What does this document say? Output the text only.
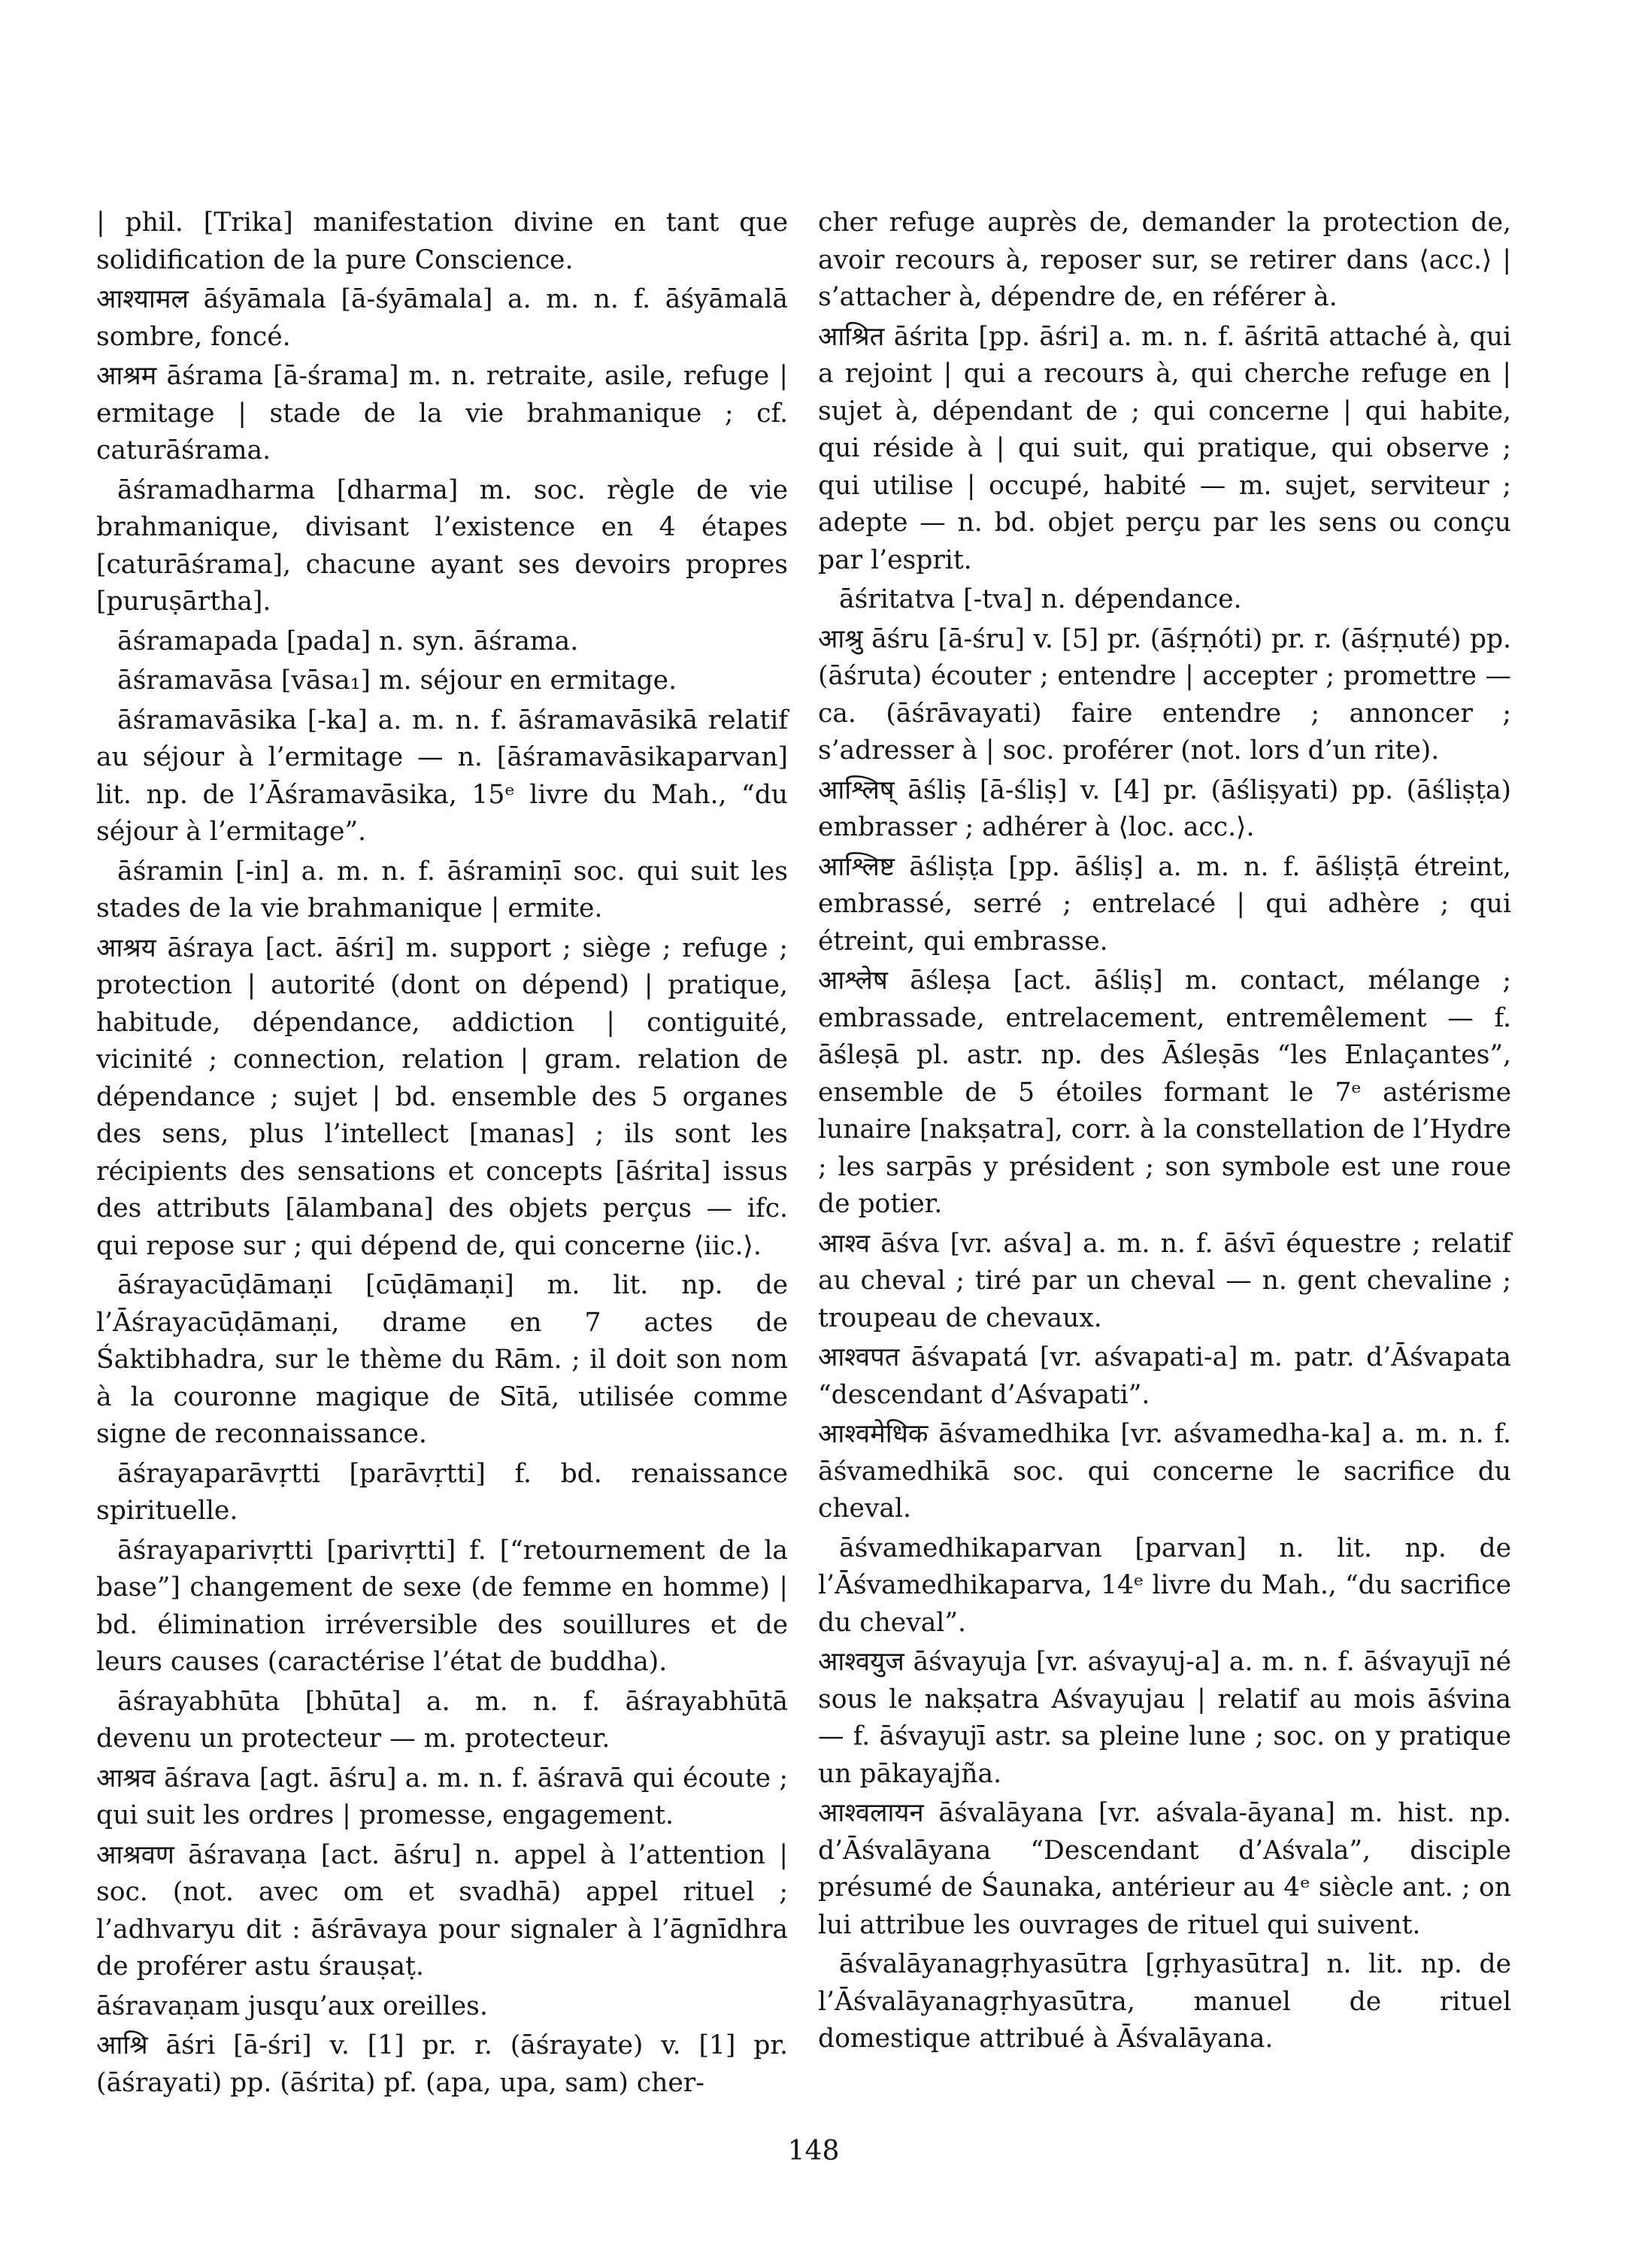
| phil. [Trika] manifestation divine en tant que solidification de la pure Conscience.

आश्यामल āśyāmala [ā-śyāmala] a. m. n. f. āśyāmalā sombre, foncé.

आश्रम āśrama [ā-śrama] m. n. retraite, asile, refuge | ermitage | stade de la vie brahmanique ; cf. caturāśrama.

āśramadharma [dharma] m. soc. règle de vie brahmanique, divisant l’existence en 4 étapes [caturāśrama], chacune ayant ses devoirs propres [puruṣārtha].

āśramapada [pada] n. syn. āśrama.

āśramavāsa [vāsa₁] m. séjour en ermitage.

āśramavāsika [-ka] a. m. n. f. āśramavāsikā relatif au séjour à l’ermitage — n. [āśramavāsikaparvan] lit. np. de l’Āśramavāsika, 15ᵉ livre du Mah., “du séjour à l’ermitage”.

āśramin [-in] a. m. n. f. āśramiṇī soc. qui suit les stades de la vie brahmanique | ermite.

आश्रय āśraya [act. āśri] m. support ; siège ; refuge ; protection | autorité (dont on dépend) | pratique, habitude, dépendance, addiction | contiguité, vicinité ; connection, relation | gram. relation de dépendance ; sujet | bd. ensemble des 5 organes des sens, plus l’intellect [manas] ; ils sont les récipients des sensations et concepts [āśrita] issus des attributs [ālambana] des objets perçus — ifc. qui repose sur ; qui dépend de, qui concerne ⟨iic.⟩.

āśrayacūḍāmaṇi [cūḍāmaṇi] m. lit. np. de l’Āśrayacūḍāmaṇi, drame en 7 actes de Śaktibhadra, sur le thème du Rām. ; il doit son nom à la couronne magique de Sītā, utilisée comme signe de reconnaissance.

āśrayaparāvṛtti [parāvṛtti] f. bd. renaissance spirituelle.

āśrayaparivṛtti [parivṛtti] f. [“retournement de la base”] changement de sexe (de femme en homme) | bd. élimination irréversible des souillures et de leurs causes (caractérise l’état de buddha).

āśrayabhūta [bhūta] a. m. n. f. āśrayabhūtā devenu un protecteur — m. protecteur.

आश्रव āśrava [agt. āśru] a. m. n. f. āśravā qui écoute ; qui suit les ordres | promesse, engagement.

आश्रवण āśravaṇa [act. āśru] n. appel à l’attention | soc. (not. avec om et svadhā) appel rituel ; l’adhvaryu dit : āśrāvaya pour signaler à l’āgnīdhra de proférer astu śrauṣaṭ.

āśravaṇam jusqu’aux oreilles.

आश्रि āśri [ā-śri] v. [1] pr. r. (āśrayate) v. [1] pr. (āśrayati) pp. (āśrita) pf. (apa, upa, sam) cher-

cher refuge auprès de, demander la protection de, avoir recours à, reposer sur, se retirer dans ⟨acc.⟩ | s’attacher à, dépendre de, en référer à.

आश्रित āśrita [pp. āśri] a. m. n. f. āśritā attaché à, qui a rejoint | qui a recours à, qui cherche refuge en | sujet à, dépendant de ; qui concerne | qui habite, qui réside à | qui suit, qui pratique, qui observe ; qui utilise | occupé, habité — m. sujet, serviteur ; adepte — n. bd. objet perçu par les sens ou conçu par l’esprit.

āśritatva [-tva] n. dépendance.

आश्रु āśru [ā-śru] v. [5] pr. (āśṛṇóti) pr. r. (āśṛṇuté) pp. (āśruta) écouter ; entendre | accepter ; promettre — ca. (āśrāvayati) faire entendre ; annoncer ; s’adresser à | soc. proférer (not. lors d’un rite).

आश्लिष् āśliṣ [ā-śliṣ] v. [4] pr. (āśliṣyati) pp. (āśliṣṭa) embrasser ; adhérer à ⟨loc. acc.⟩.

आश्लिष्ट āśliṣṭa [pp. āśliṣ] a. m. n. f. āśliṣṭā étreint, embrassé, serré ; entrelacé | qui adhère ; qui étreint, qui embrasse.

आश्लेष āśleṣa [act. āśliṣ] m. contact, mélange ; embrassade, entrelacement, entremêlement — f. āśleṣā pl. astr. np. des Āśleṣās “les Enlaçantes”, ensemble de 5 étoiles formant le 7ᵉ astérisme lunaire [nakṣatra], corr. à la constellation de l’Hydre ; les sarpās y président ; son symbole est une roue de potier.

आश्व āśva [vr. aśva] a. m. n. f. āśvī équestre ; relatif au cheval ; tiré par un cheval — n. gent chevaline ; troupeau de chevaux.

आश्वपत āśvapatá [vr. aśvapati-a] m. patr. d’Āśvapata “descendant d’Aśvapati”.

आश्वमेधिक āśvamedhika [vr. aśvamedha-ka] a. m. n. f. āśvamedhikā soc. qui concerne le sacrifice du cheval.

āśvamedhikaparvan [parvan] n. lit. np. de l’Āśvamedhikaparva, 14ᵉ livre du Mah., “du sacrifice du cheval”.

आश्वयुज āśvayuja [vr. aśvayuj-a] a. m. n. f. āśvayujī né sous le nakṣatra Aśvayujau | relatif au mois āśvina — f. āśvayujī astr. sa pleine lune ; soc. on y pratique un pākayajña.

आश्वलायन āśvalāyana [vr. aśvala-āyana] m. hist. np. d’Āśvalāyana “Descendant d’Aśvala”, disciple présumé de Śaunaka, antérieur au 4ᵉ siècle ant. ; on lui attribue les ouvrages de rituel qui suivent.

āśvalāyanagṛhyasūtra [gṛhyasūtra] n. lit. np. de l’Āśvalāyanagṛhyasūtra, manuel de rituel domestique attribué à Āśvalāyana.

148
